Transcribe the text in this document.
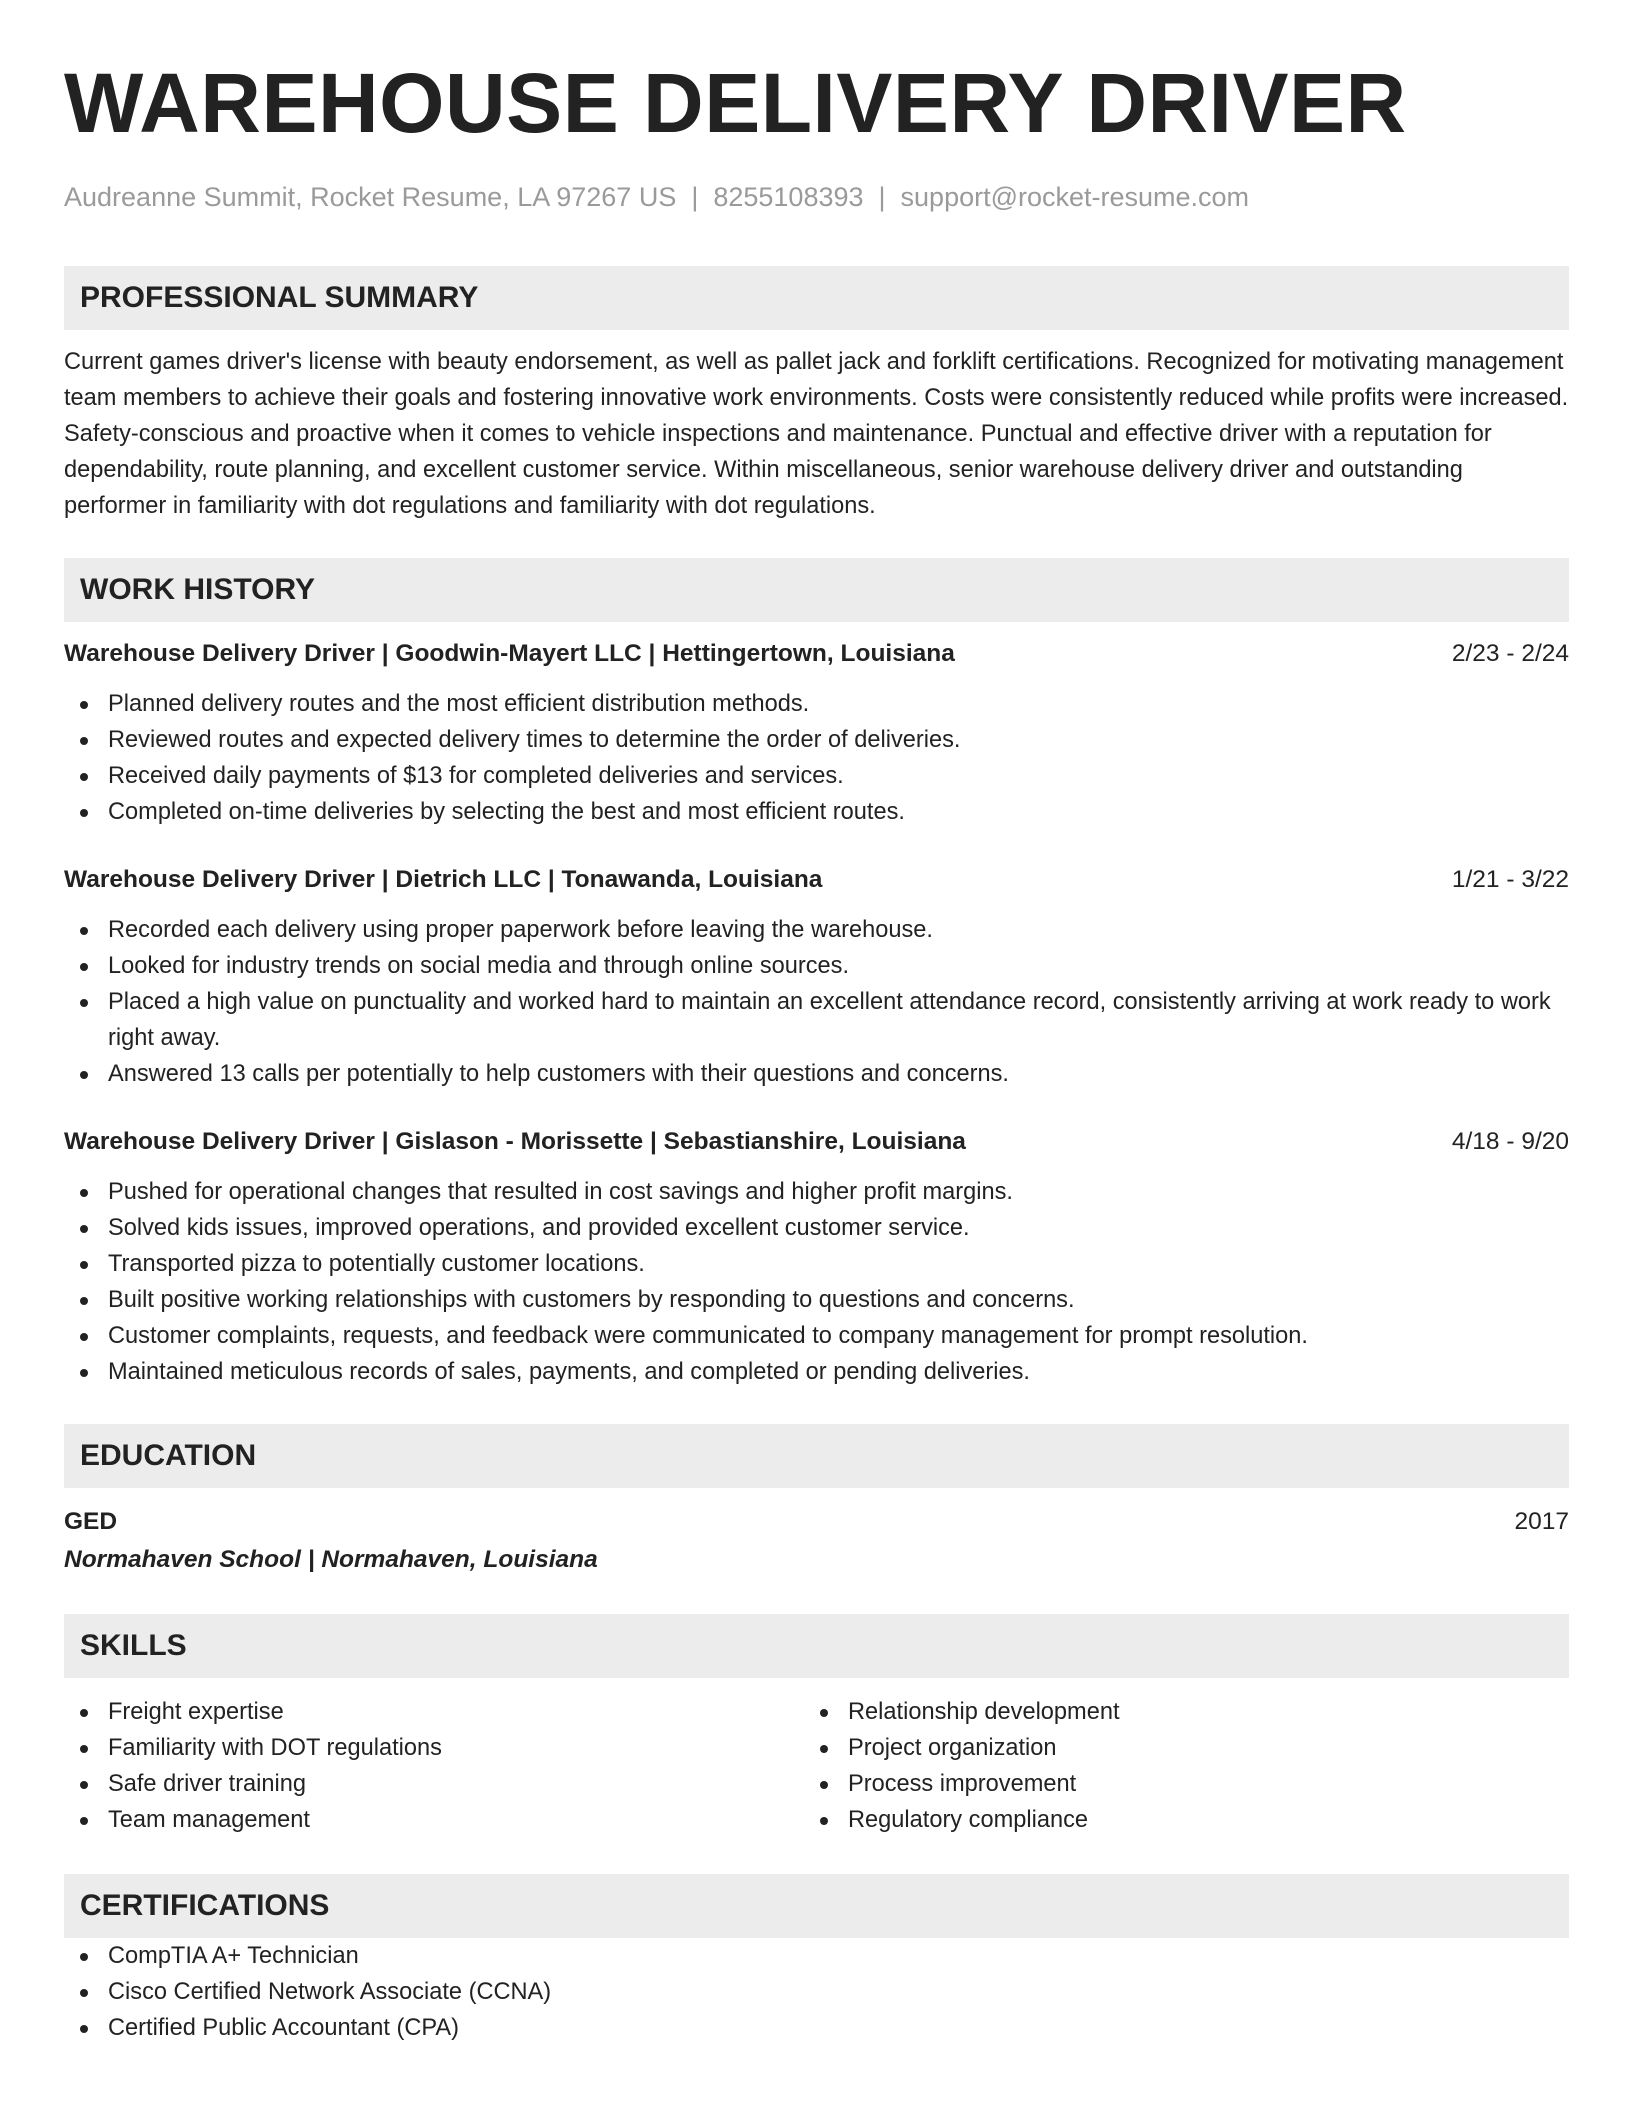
WAREHOUSE DELIVERY DRIVER
Audreanne Summit, Rocket Resume, LA 97267 US | 8255108393 | support@rocket-resume.com
PROFESSIONAL SUMMARY
Current games driver's license with beauty endorsement, as well as pallet jack and forklift certifications. Recognized for motivating management team members to achieve their goals and fostering innovative work environments. Costs were consistently reduced while profits were increased. Safety-conscious and proactive when it comes to vehicle inspections and maintenance. Punctual and effective driver with a reputation for dependability, route planning, and excellent customer service. Within miscellaneous, senior warehouse delivery driver and outstanding performer in familiarity with dot regulations and familiarity with dot regulations.
WORK HISTORY
Warehouse Delivery Driver | Goodwin-Mayert LLC | Hettingertown, Louisiana	2/23 - 2/24
Planned delivery routes and the most efficient distribution methods.
Reviewed routes and expected delivery times to determine the order of deliveries.
Received daily payments of $13 for completed deliveries and services.
Completed on-time deliveries by selecting the best and most efficient routes.
Warehouse Delivery Driver | Dietrich LLC | Tonawanda, Louisiana	1/21 - 3/22
Recorded each delivery using proper paperwork before leaving the warehouse.
Looked for industry trends on social media and through online sources.
Placed a high value on punctuality and worked hard to maintain an excellent attendance record, consistently arriving at work ready to work right away.
Answered 13 calls per potentially to help customers with their questions and concerns.
Warehouse Delivery Driver | Gislason - Morissette | Sebastianshire, Louisiana	4/18 - 9/20
Pushed for operational changes that resulted in cost savings and higher profit margins.
Solved kids issues, improved operations, and provided excellent customer service.
Transported pizza to potentially customer locations.
Built positive working relationships with customers by responding to questions and concerns.
Customer complaints, requests, and feedback were communicated to company management for prompt resolution.
Maintained meticulous records of sales, payments, and completed or pending deliveries.
EDUCATION
GED	2017
Normahaven School | Normahaven, Louisiana
SKILLS
Freight expertise
Familiarity with DOT regulations
Safe driver training
Team management
Relationship development
Project organization
Process improvement
Regulatory compliance
CERTIFICATIONS
CompTIA A+ Technician
Cisco Certified Network Associate (CCNA)
Certified Public Accountant (CPA)
